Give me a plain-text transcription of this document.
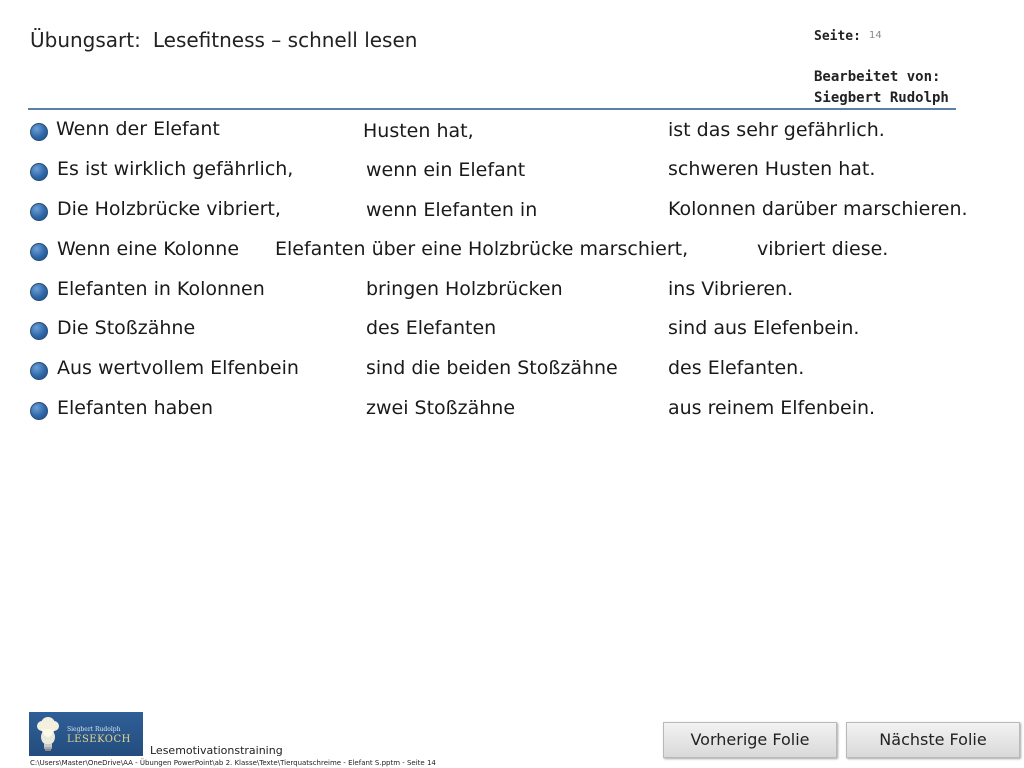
Übungsart: Lesefitness – schnell lesen	Seite: 14
Bearbeitet von:
Siegbert Rudolph
Wenn der Elefant	Husten hat,	ist das sehr gefährlich.
Es ist wirklich gefährlich,	wenn ein Elefant	schweren Husten hat.
Die Holzbrücke vibriert,	wenn Elefanten in	Kolonnen darüber marschieren.
Wenn eine Kolonne Elefanten über eine Holzbrücke marschiert,	vibriert diese.
Elefanten in Kolonnen	bringen Holzbrücken	ins Vibrieren.
Die Stoßzähne	des Elefanten	sind aus Elefenbein.
Aus wertvollem Elfenbein	sind die beiden Stoßzähne	des Elefanten.
Elefanten haben	zwei Stoßzähne	aus reinem Elfenbein.
Siegbert Rudolph
LESEKOCH
Lesemotivationstraining
C:\Users\Master\OneDrive\AA - Übungen PowerPoint\ab 2. Klasse\Texte\Tierquatschreime - Elefant S.pptm - Seite 14
Vorherige Folie	Nächste Folie
